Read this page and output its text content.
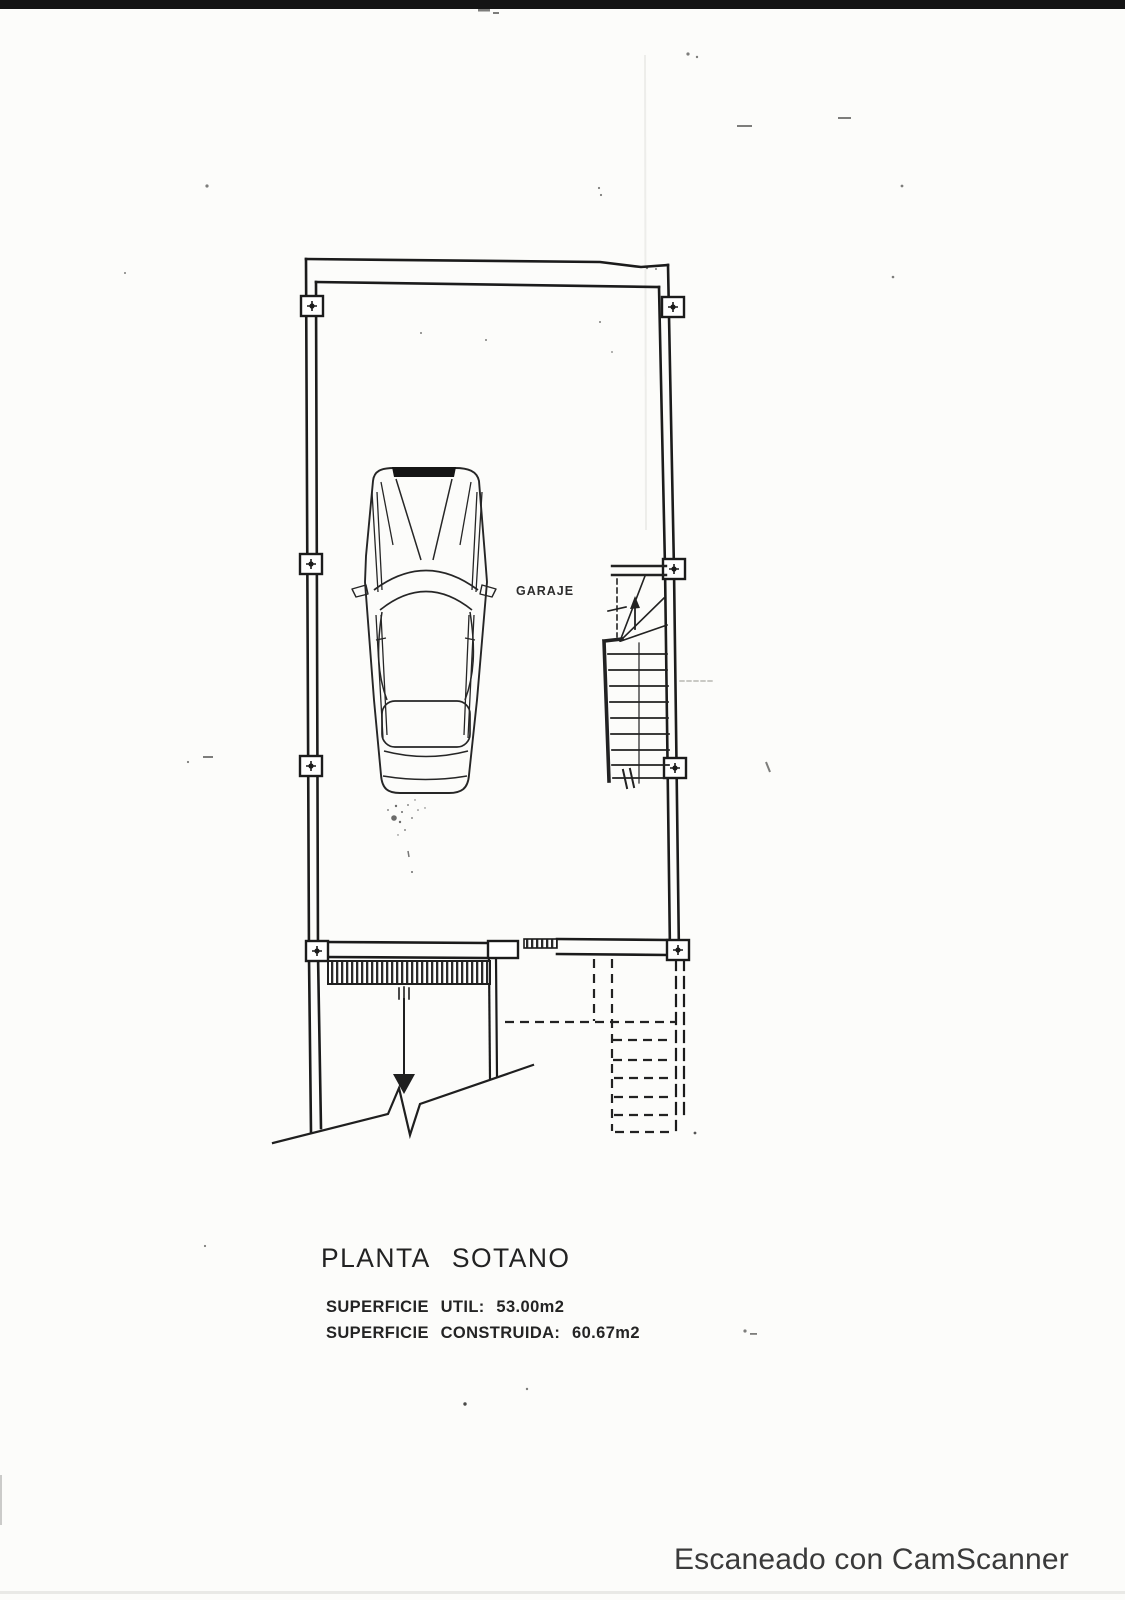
GARAJE
PLANTA SOTANO
SUPERFICIE UTIL: 53.00m2
SUPERFICIE CONSTRUIDA: 60.67m2
Escaneado con CamScanner
